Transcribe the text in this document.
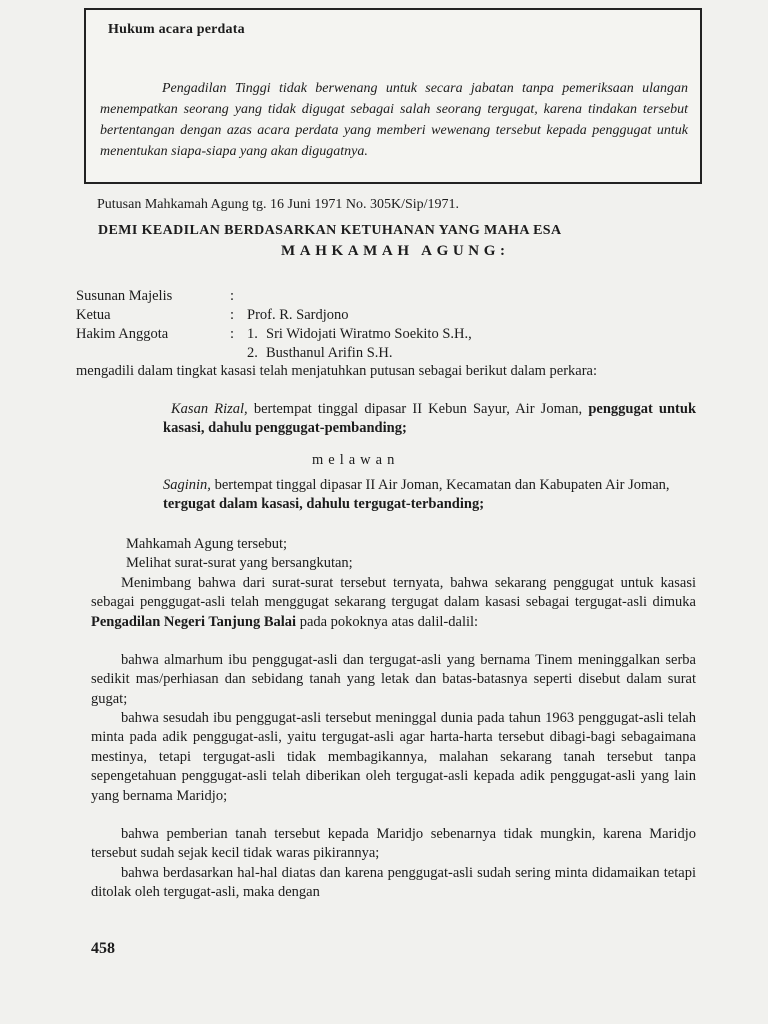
Hukum acara perdata
Pengadilan Tinggi tidak berwenang untuk secara jabatan tanpa pemeriksaan ulangan menempatkan seorang yang tidak digugat sebagai salah seorang tergugat, karena tindakan tersebut bertentangan dengan azas acara perdata yang memberi wewenang tersebut kepada penggugat untuk menentukan siapa-siapa yang akan digugatnya.
Putusan Mahkamah Agung tg. 16 Juni 1971 No. 305K/Sip/1971.
DEMI KEADILAN BERDASARKAN KETUHANAN YANG MAHA ESA
MAHKAMAH AGUNG:
Susunan Majelis	:
Ketua	: Prof. R. Sardjono
Hakim Anggota	: 1. Sri Widojati Wiratmo Soekito S.H.,
2. Busthanul Arifin S.H.
mengadili dalam tingkat kasasi telah menjatuhkan putusan sebagai berikut dalam perkara:
Kasan Rizal, bertempat tinggal dipasar II Kebun Sayur, Air Joman, penggugat untuk kasasi, dahulu penggugat-pembanding;
melawan
Saginin, bertempat tinggal dipasar II Air Joman, Kecamatan dan Kabupaten Air Joman,
tergugat dalam kasasi, dahulu tergugat-terbanding;
Mahkamah Agung tersebut;
Melihat surat-surat yang bersangkutan;
Menimbang bahwa dari surat-surat tersebut ternyata, bahwa sekarang penggugat untuk kasasi sebagai penggugat-asli telah menggugat sekarang tergugat dalam kasasi sebagai tergugat-asli dimuka Pengadilan Negeri Tanjung Balai pada pokoknya atas dalil-dalil:
bahwa almarhum ibu penggugat-asli dan tergugat-asli yang bernama Tinem meninggalkan serba sedikit mas/perhiasan dan sebidang tanah yang letak dan batas-batasnya seperti disebut dalam surat gugat;
bahwa sesudah ibu penggugat-asli tersebut meninggal dunia pada tahun 1963 penggugat-asli telah minta pada adik penggugat-asli, yaitu tergugat-asli agar harta-harta tersebut dibagi-bagi sebagaimana mestinya, tetapi tergugat-asli tidak membagikannya, malahan sekarang tanah tersebut tanpa sepengetahuan penggugat-asli telah diberikan oleh tergugat-asli kepada adik penggugat-asli yang lain yang bernama Maridjo;
bahwa pemberian tanah tersebut kepada Maridjo sebenarnya tidak mungkin, karena Maridjo tersebut sudah sejak kecil tidak waras pikirannya;
bahwa berdasarkan hal-hal diatas dan karena penggugat-asli sudah sering minta didamaikan tetapi ditolak oleh tergugat-asli, maka dengan
458
